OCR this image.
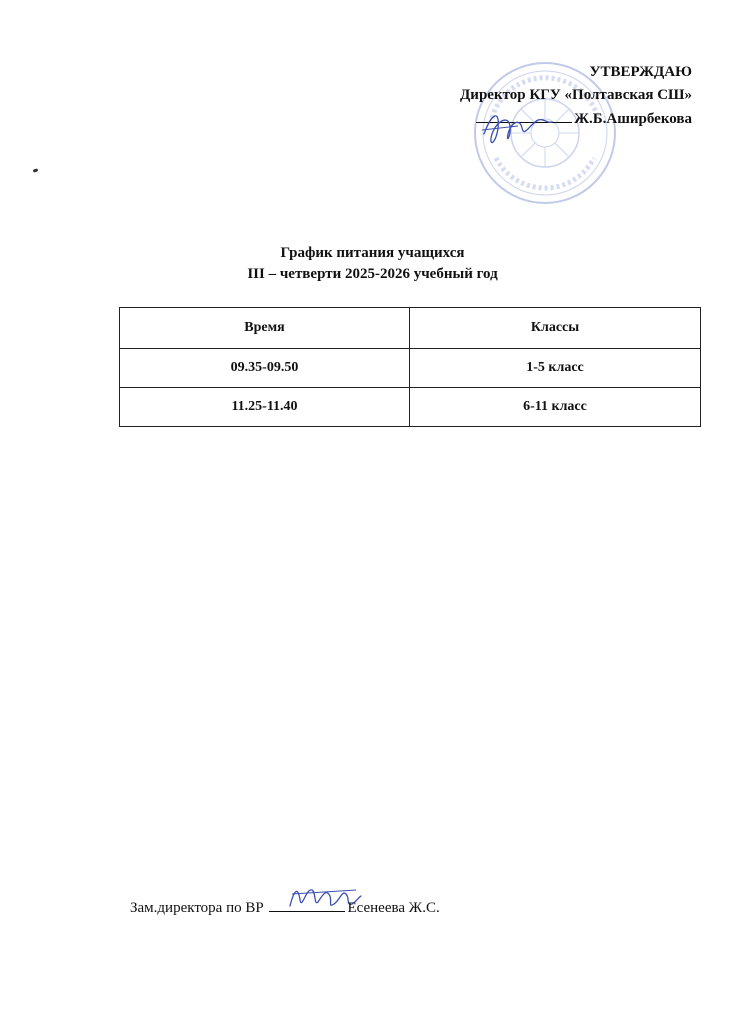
УТВЕРЖДАЮ
Директор КГУ «Полтавская СШ»
Ж.Б.Аширбекова
График питания учащихся
III – четверти 2025-2026 учебный год
Время	Классы
09.35-09.50	1-5 класс
11.25-11.40	6-11 класс
Зам.директора по ВР	Есенеева Ж.С.
